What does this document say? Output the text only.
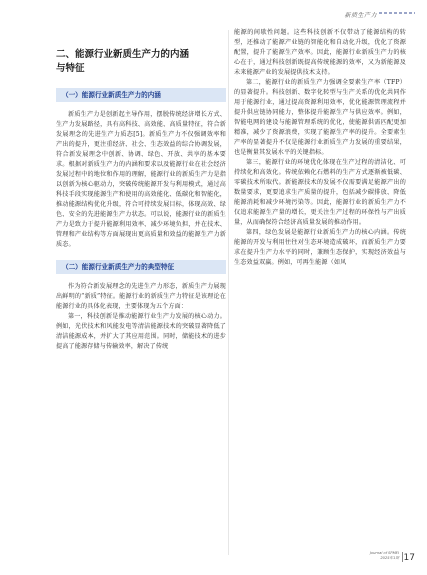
新质生产力
二、能源行业新质生产力的内涵
与特征
（一）能源行业新质生产力的内涵

新质生产力是创新起主导作用，摆脱传统经济增长方式、生产力发展路径，具有高科技、高效能、高质量特征，符合新发展理念的先进生产力质态[5]。新质生产力不仅强调效率和产出的提升，更注重经济、社会、生态效益的综合协调发展，符合新发展理念中创新、协调、绿色、开放、共享的基本要求。根据对新质生产力的内涵和要求以及能源行业在社会经济发展过程中的地位和作用的理解，能源行业的新质生产力是指以创新为核心驱动力，突破传统能源开发与利用模式，通过高科技手段实现能源生产和使用的高效能化、低碳化和智能化，推动能源结构优化升级，符合可持续发展目标，体现高效、绿色、安全的先进能源生产力状态。可以说，能源行业的新质生产力是致力于提升能源利用效率、减少环境负担，并在技术、管理和产业结构等方面展现出更高质量和效益的能源生产力新质态。

（二）能源行业新质生产力的典型特征

作为符合新发展理念的先进生产力形态，新质生产力展现出鲜明的“新质”特征。能源行业的新质生产力特征是该理论在能源行业的具体化表现，主要体现为五个方面：

第一，科技创新是推动能源行业生产力发展的核心动力。例如，光伏技术和风能发电等清洁能源技术的突破显著降低了清洁能源成本，并扩大了其应用范围。同时，储能技术的进步提高了能源存储与传输效率，解决了传统

能源的间歇性问题。这些科技创新不仅带动了能源结构的转型，还推动了能源产业链的智能化和自动化升级，优化了资源配置，提升了能源生产效率。因此，能源行业新质生产力的核心在于，通过科技创新既提高传统能源的效率，又为新能源及未来能源产业的发展提供技术支持。

第二，能源行业的新质生产力强调全要素生产率（TFP）的显著提升。科技创新、数字化转型与生产关系的优化共同作用于能源行业，通过提高资源利用效率，优化能源管理流程并提升供应链协同能力，整体提升能源生产与供应效率。例如，智能电网的建设与能源管理系统的优化，使能源供需匹配更加精准，减少了资源浪费，实现了能源生产率的提升。全要素生产率的显著提升不仅是能源行业新质生产力发展的重要结果，也是衡量其发展水平的关键指标。

第三，能源行业的环境优化体现在生产过程的清洁化、可持续化和高效化。传统依赖化石燃料的生产方式逐渐被低碳、零碳技术所取代。新能源技术的发展不仅需要满足能源产出的数量要求，更要追求生产质量的提升，包括减少碳排放、降低能源消耗和减少环境污染等。因此，能源行业的新质生产力不仅追求能源生产量的增长，更关注生产过程的环保性与产出质量，从而确保符合经济高质量发展的推动作用。

第四，绿色发展是能源行业新质生产力的核心内涵。传统能源的开发与利用往往对生态环境造成破坏，而新质生产力要求在提升生产力水平的同时，兼顾生态保护，实现经济效益与生态效益双赢。例如，可再生能源（如风

Journal of SPMEI
2025年1期 17
